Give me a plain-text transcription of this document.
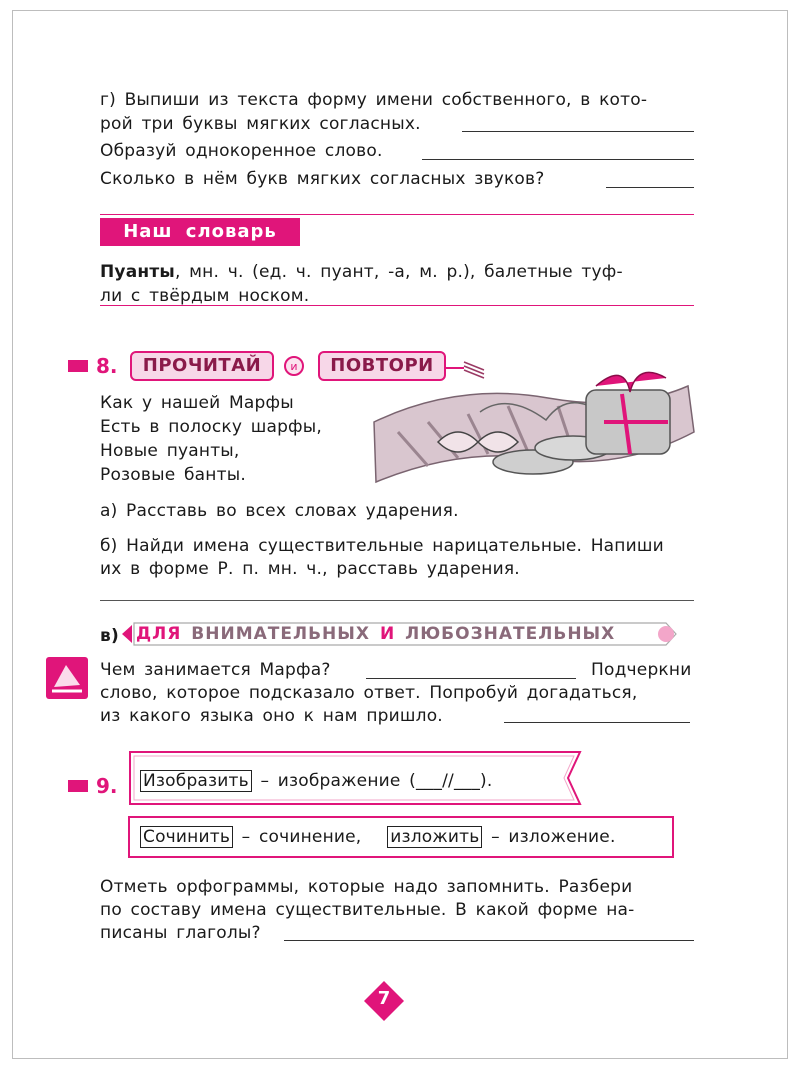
г) Выпиши из текста форму имени собственного, в кото-
рой три буквы мягких согласных.
Образуй однокоренное слово.
Сколько в нём букв мягких согласных звуков?
Наш словарь
Пуанты, мн. ч. (ед. ч. пуант, -а, м. р.), балетные туф-
ли с твёрдым носком.
8.	ПРОЧИТАЙ	и	ПОВТОРИ
Как у нашей Марфы
Есть в полоску шарфы,
Новые пуанты,
Розовые банты.
а) Расставь во всех словах ударения.
б) Найди имена существительные нарицательные. Напиши
их в форме Р. п. мн. ч., расставь ударения.
в) ДЛЯ ВНИМАТЕЛЬНЫХ И ЛЮБОЗНАТЕЛЬНЫХ
Чем занимается Марфа?	Подчеркни
слово, которое подсказало ответ. Попробуй догадаться,
из какого языка оно к нам пришло.
9. Изобразить – изображение (___//___).
Сочинить – сочинение, изложить – изложение.
Отметь орфограммы, которые надо запомнить. Разбери
по составу имена существительные. В какой форме на-
писаны глаголы?
7
